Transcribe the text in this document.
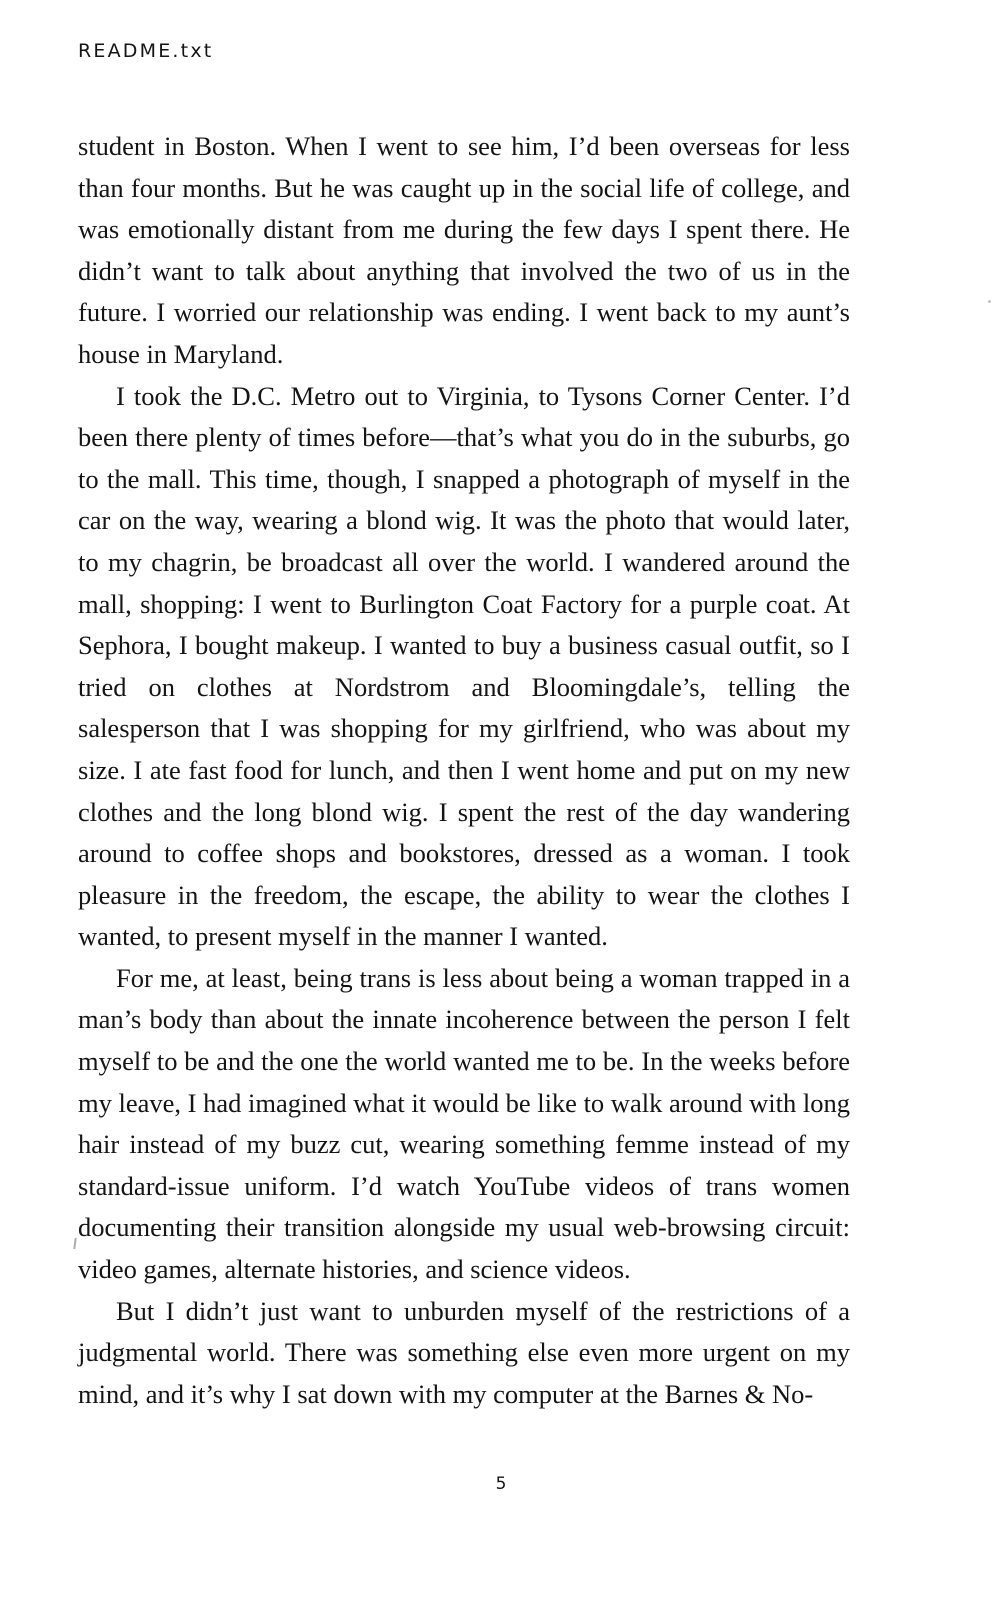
README.txt

student in Boston. When I went to see him, I’d been overseas for less than four months. But he was caught up in the social life of college, and was emotionally distant from me during the few days I spent there. He didn’t want to talk about anything that involved the two of us in the future. I worried our relationship was ending. I went back to my aunt’s house in Maryland.

I took the D.C. Metro out to Virginia, to Tysons Corner Center. I’d been there plenty of times before—that’s what you do in the suburbs, go to the mall. This time, though, I snapped a photograph of myself in the car on the way, wearing a blond wig. It was the photo that would later, to my chagrin, be broadcast all over the world. I wandered around the mall, shopping: I went to Burlington Coat Factory for a purple coat. At Sephora, I bought makeup. I wanted to buy a business casual outfit, so I tried on clothes at Nordstrom and Bloomingdale’s, telling the salesperson that I was shopping for my girlfriend, who was about my size. I ate fast food for lunch, and then I went home and put on my new clothes and the long blond wig. I spent the rest of the day wandering around to coffee shops and bookstores, dressed as a woman. I took pleasure in the freedom, the escape, the ability to wear the clothes I wanted, to present myself in the manner I wanted.

For me, at least, being trans is less about being a woman trapped in a man’s body than about the innate incoherence between the person I felt myself to be and the one the world wanted me to be. In the weeks before my leave, I had imagined what it would be like to walk around with long hair instead of my buzz cut, wearing something femme instead of my standard-issue uniform. I’d watch YouTube videos of trans women documenting their transition alongside my usual web-browsing circuit: video games, alternate histories, and science videos.

But I didn’t just want to unburden myself of the restrictions of a judgmental world. There was something else even more urgent on my mind, and it’s why I sat down with my computer at the Barnes & No-

5
